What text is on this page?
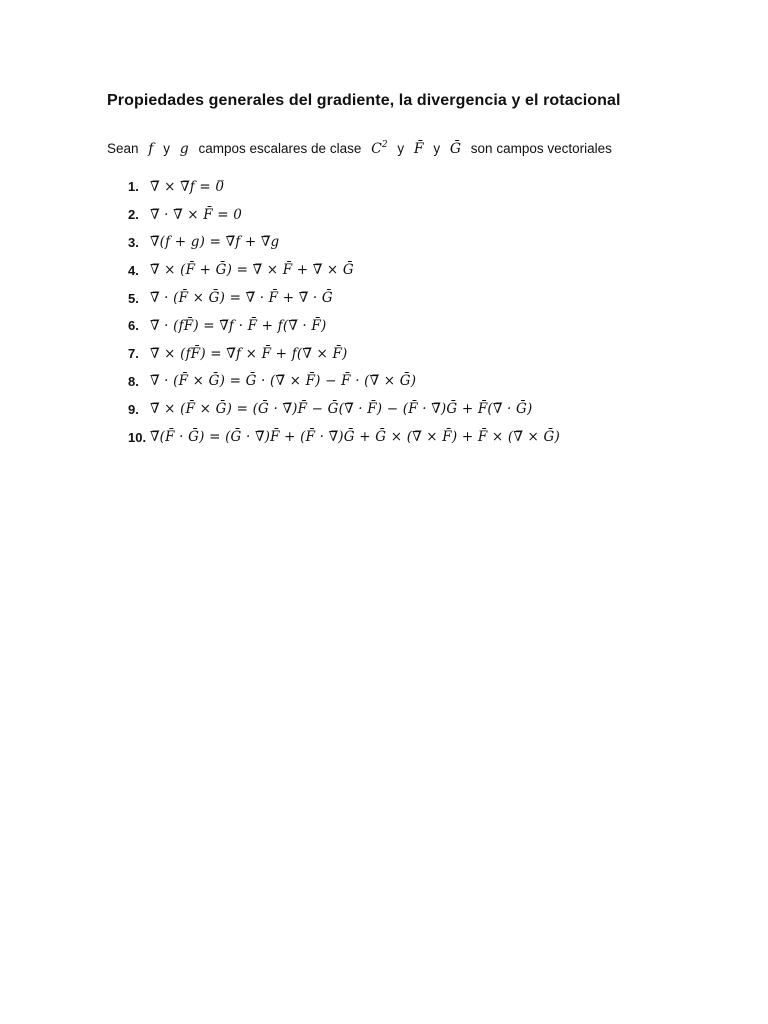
Propiedades generales del gradiente, la divergencia y el rotacional
Sean f y g campos escalares de clase $C^2$ y F̄ y Ḡ son campos vectoriales
1. ∇̅ × ∇̅f = 0̅
2. ∇̅ · ∇̅ × F̄ = 0
3. ∇̅(f + g) = ∇̅f + ∇̅g
4. ∇̅ × (F̄ + Ḡ) = ∇̅ × F̄ + ∇̅ × Ḡ
5. ∇̅ · (F̄ × Ḡ) = ∇̅ · F̄ + ∇̅ · Ḡ
6. ∇̅ · (fF̄) = ∇̅f · F̄ + f(∇̅ · F̄)
7. ∇̅ × (fF̄) = ∇̅f × F̄ + f(∇̅ × F̄)
8. ∇̅ · (F̄ × Ḡ) = Ḡ · (∇̅ × F̄) − F̄ · (∇̅ × Ḡ)
9. ∇̅ × (F̄ × Ḡ) = (Ḡ · ∇̅)F̄ − Ḡ(∇̅ · F̄) − (F̄ · ∇̅)Ḡ + F̄(∇̅ · Ḡ)
10. ∇̅(F̄ · Ḡ) = (Ḡ · ∇̅)F̄ + (F̄ · ∇̅)Ḡ + Ḡ × (∇̅ × F̄) + F̄ × (∇̅ × Ḡ)
